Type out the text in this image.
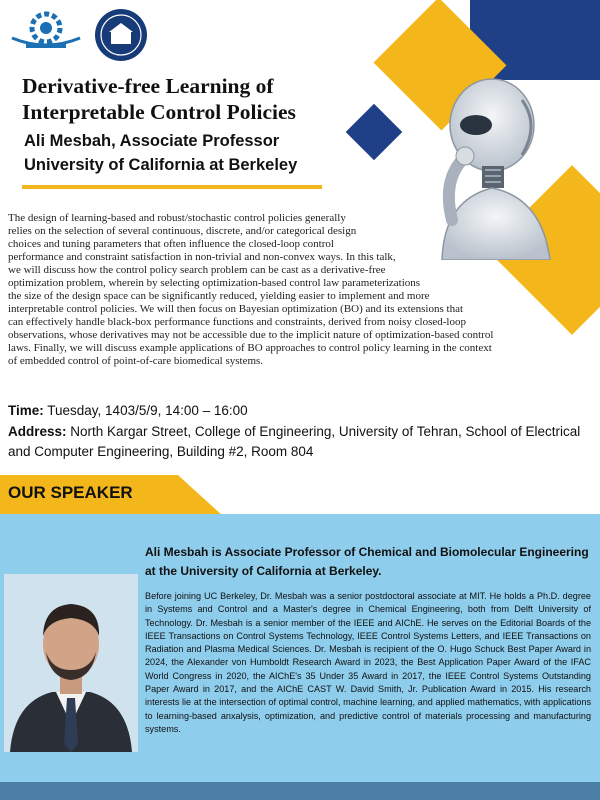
Derivative-free Learning of
Interpretable Control Policies
Ali Mesbah, Associate Professor
University of California at Berkeley

The design of learning-based and robust/stochastic control policies generally

relies on the selection of several continuous, discrete, and/or categorical design

choices and tuning parameters that often influence the closed-loop control

performance and constraint satisfaction in non-trivial and non-convex ways. In this talk,

we will discuss how the control policy search problem can be cast as a derivative-free

optimization problem, wherein by selecting optimization-based control law parameterizations

the size of the design space can be significantly reduced, yielding easier to implement and more

interpretable control policies. We will then focus on Bayesian optimization (BO) and its extensions that

can effectively handle black-box performance functions and constraints, derived from noisy closed-loop

observations, whose derivatives may not be accessible due to the implicit nature of optimization-based control

laws. Finally, we will discuss example applications of BO approaches to control policy learning in the context

of embedded control of point-of-care biomedical systems.

Time: Tuesday, 1403/5/9, 14:00 – 16:00
Address: North Kargar Street, College of Engineering, University of Tehran, School of Electrical and Computer Engineering, Building #2, Room 804
OUR SPEAKER
Ali Mesbah is Associate Professor of Chemical and Biomolecular Engineering at the University of California at Berkeley.
Before joining UC Berkeley, Dr. Mesbah was a senior postdoctoral associate at MIT. He holds a Ph.D. degree in Systems and Control and a Master's degree in Chemical Engineering, both from Delft University of Technology. Dr. Mesbah is a senior member of the IEEE and AIChE. He serves on the Editorial Boards of the IEEE Transactions on Control Systems Technology, IEEE Control Systems Letters, and IEEE Transactions on Radiation and Plasma Medical Sciences. Dr. Mesbah is recipient of the O. Hugo Schuck Best Paper Award in 2024, the Alexander von Humboldt Research Award in 2023, the Best Application Paper Award of the IFAC World Congress in 2020, the AIChE's 35 Under 35 Award in 2017, the IEEE Control Systems Outstanding Paper Award in 2017, and the AIChE CAST W. David Smith, Jr. Publication Award in 2015. His research interests lie at the intersection of optimal control, machine learning, and applied mathematics, with applications to learning-based anxalysis, optimization, and predictive control of materials processing and manufacturing systems.
